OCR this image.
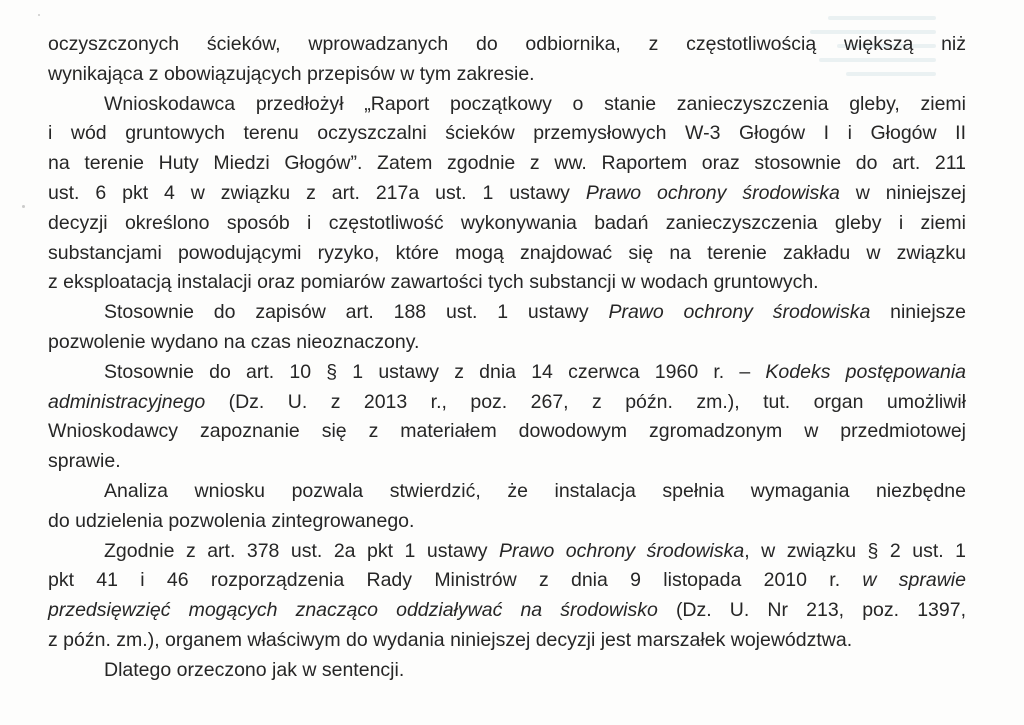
oczyszczonych ścieków, wprowadzanych do odbiornika, z częstotliwością większą niż
wynikająca z obowiązujących przepisów w tym zakresie.

Wnioskodawca przedłożył „Raport początkowy o stanie zanieczyszczenia gleby, ziemi
i wód gruntowych terenu oczyszczalni ścieków przemysłowych W-3 Głogów I i Głogów II
na terenie Huty Miedzi Głogów”. Zatem zgodnie z ww. Raportem oraz stosownie do art. 211
ust. 6 pkt 4 w związku z art. 217a ust. 1 ustawy Prawo ochrony środowiska w niniejszej
decyzji określono sposób i częstotliwość wykonywania badań zanieczyszczenia gleby i ziemi
substancjami powodującymi ryzyko, które mogą znajdować się na terenie zakładu w związku
z eksploatacją instalacji oraz pomiarów zawartości tych substancji w wodach gruntowych.

Stosownie do zapisów art. 188 ust. 1 ustawy Prawo ochrony środowiska niniejsze
pozwolenie wydano na czas nieoznaczony.

Stosownie do art. 10 § 1 ustawy z dnia 14 czerwca 1960 r. – Kodeks postępowania
administracyjnego (Dz. U. z 2013 r., poz. 267, z późn. zm.), tut. organ umożliwił
Wnioskodawcy zapoznanie się z materiałem dowodowym zgromadzonym w przedmiotowej
sprawie.

Analiza wniosku pozwala stwierdzić, że instalacja spełnia wymagania niezbędne
do udzielenia pozwolenia zintegrowanego.

Zgodnie z art. 378 ust. 2a pkt 1 ustawy Prawo ochrony środowiska, w związku § 2 ust. 1
pkt 41 i 46 rozporządzenia Rady Ministrów z dnia 9 listopada 2010 r. w sprawie
przedsięwzięć mogących znacząco oddziaływać na środowisko (Dz. U. Nr 213, poz. 1397,
z późn. zm.), organem właściwym do wydania niniejszej decyzji jest marszałek województwa.

Dlatego orzeczono jak w sentencji.
